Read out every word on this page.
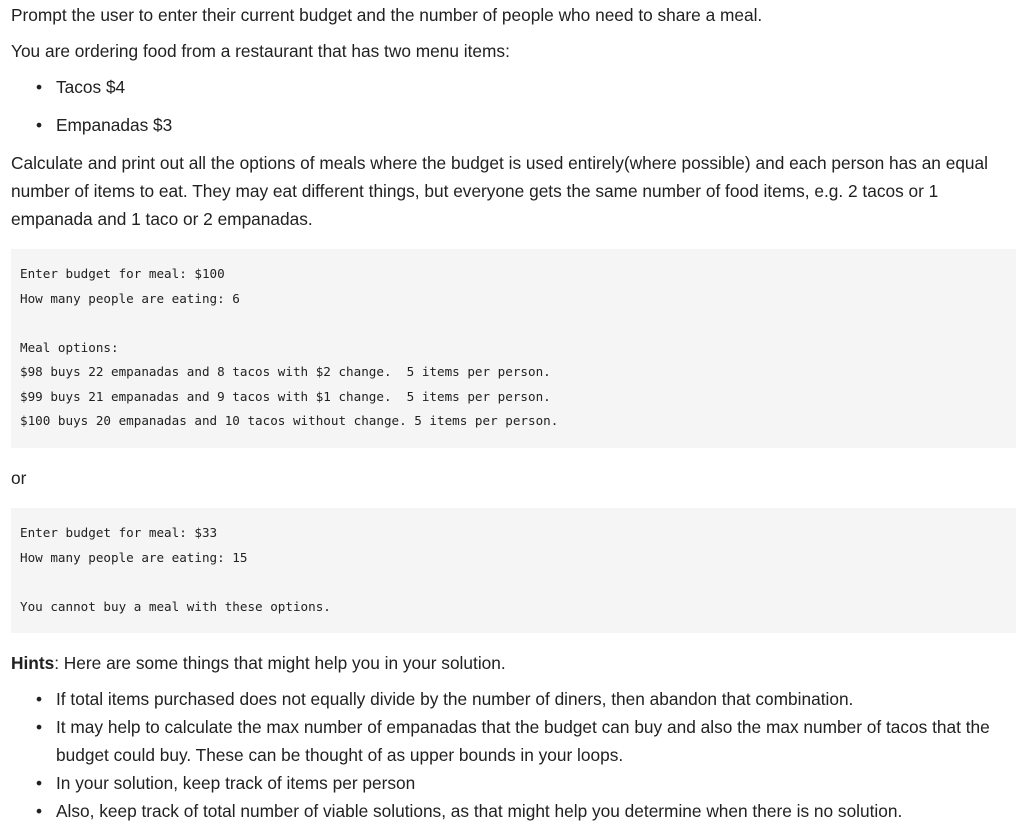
Prompt the user to enter their current budget and the number of people who need to share a meal.

You are ordering food from a restaurant that has two menu items:

• Tacos $4
• Empanadas $3

Calculate and print out all the options of meals where the budget is used entirely(where possible) and each person has an equal number of items to eat. They may eat different things, but everyone gets the same number of food items, e.g. 2 tacos or 1 empanada and 1 taco or 2 empanadas.

Enter budget for meal: $100
How many people are eating: 6
Meal options:
$98 buys 22 empanadas and 8 tacos with $2 change.  5 items per person.
$99 buys 21 empanadas and 9 tacos with $1 change.  5 items per person.
$100 buys 20 empanadas and 10 tacos without change. 5 items per person.

or

Enter budget for meal: $33
How many people are eating: 15
You cannot buy a meal with these options.

Hints: Here are some things that might help you in your solution.

• If total items purchased does not equally divide by the number of diners, then abandon that combination.
• It may help to calculate the max number of empanadas that the budget can buy and also the max number of tacos that the budget could buy. These can be thought of as upper bounds in your loops.
• In your solution, keep track of items per person
• Also, keep track of total number of viable solutions, as that might help you determine when there is no solution.
